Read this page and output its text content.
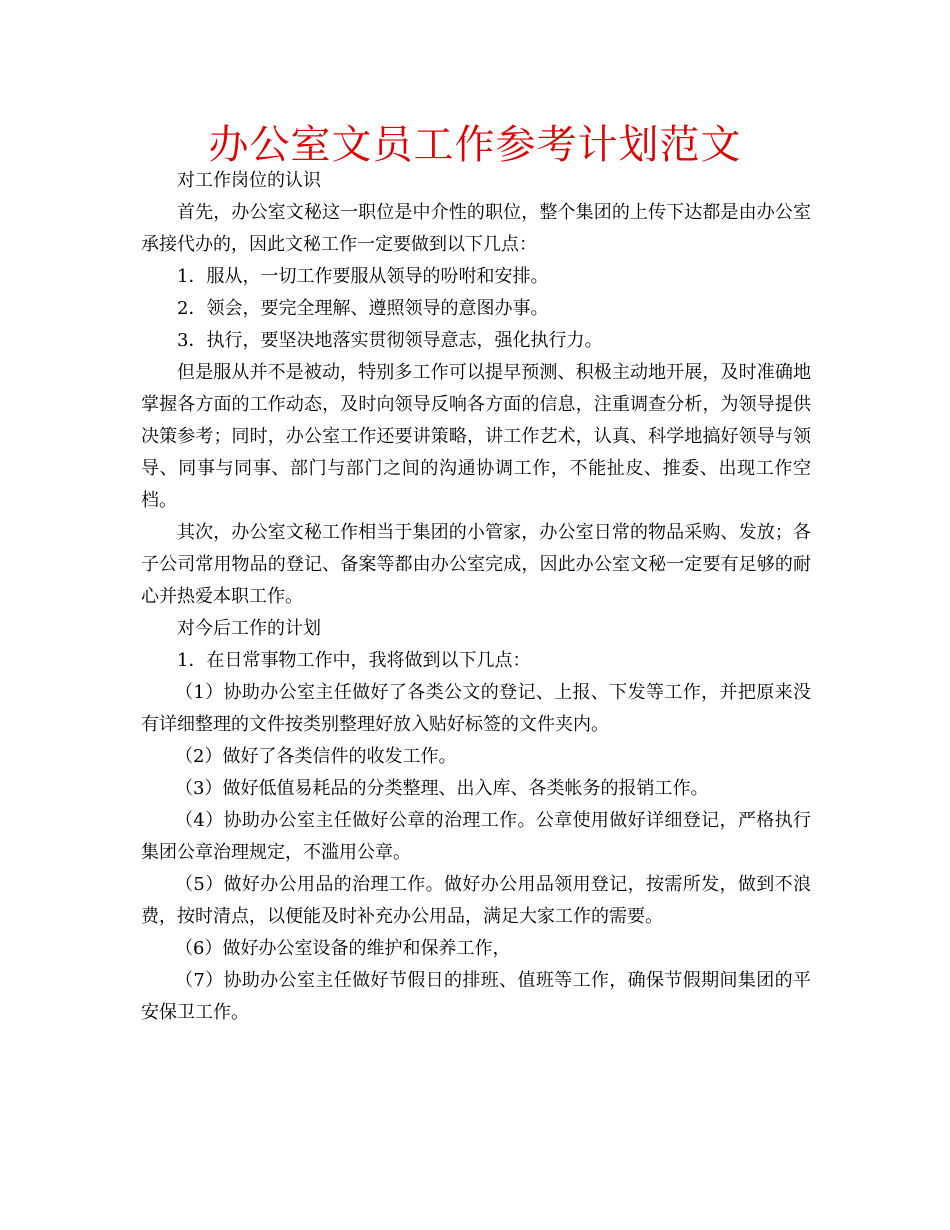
办公室文员工作参考计划范文

对工作岗位的认识

首先，办公室文秘这一职位是中介性的职位，整个集团的上传下达都是由办公室承接代办的，因此文秘工作一定要做到以下几点：

1．服从，一切工作要服从领导的吩咐和安排。

2．领会，要完全理解、遵照领导的意图办事。

3．执行，要坚决地落实贯彻领导意志，强化执行力。

但是服从并不是被动，特别多工作可以提早预测、积极主动地开展，及时准确地掌握各方面的工作动态，及时向领导反响各方面的信息，注重调查分析，为领导提供决策参考；同时，办公室工作还要讲策略，讲工作艺术，认真、科学地搞好领导与领导、同事与同事、部门与部门之间的沟通协调工作，不能扯皮、推委、出现工作空档。

其次，办公室文秘工作相当于集团的小管家，办公室日常的物品采购、发放；各子公司常用物品的登记、备案等都由办公室完成，因此办公室文秘一定要有足够的耐心并热爱本职工作。

对今后工作的计划

1．在日常事物工作中，我将做到以下几点：

（1）协助办公室主任做好了各类公文的登记、上报、下发等工作，并把原来没有详细整理的文件按类别整理好放入贴好标签的文件夹内。

（2）做好了各类信件的收发工作。

（3）做好低值易耗品的分类整理、出入库、各类帐务的报销工作。

（4）协助办公室主任做好公章的治理工作。公章使用做好详细登记，严格执行集团公章治理规定，不滥用公章。

（5）做好办公用品的治理工作。做好办公用品领用登记，按需所发，做到不浪费，按时清点，以便能及时补充办公用品，满足大家工作的需要。

（6）做好办公室设备的维护和保养工作，

（7）协助办公室主任做好节假日的排班、值班等工作，确保节假期间集团的平安保卫工作。
